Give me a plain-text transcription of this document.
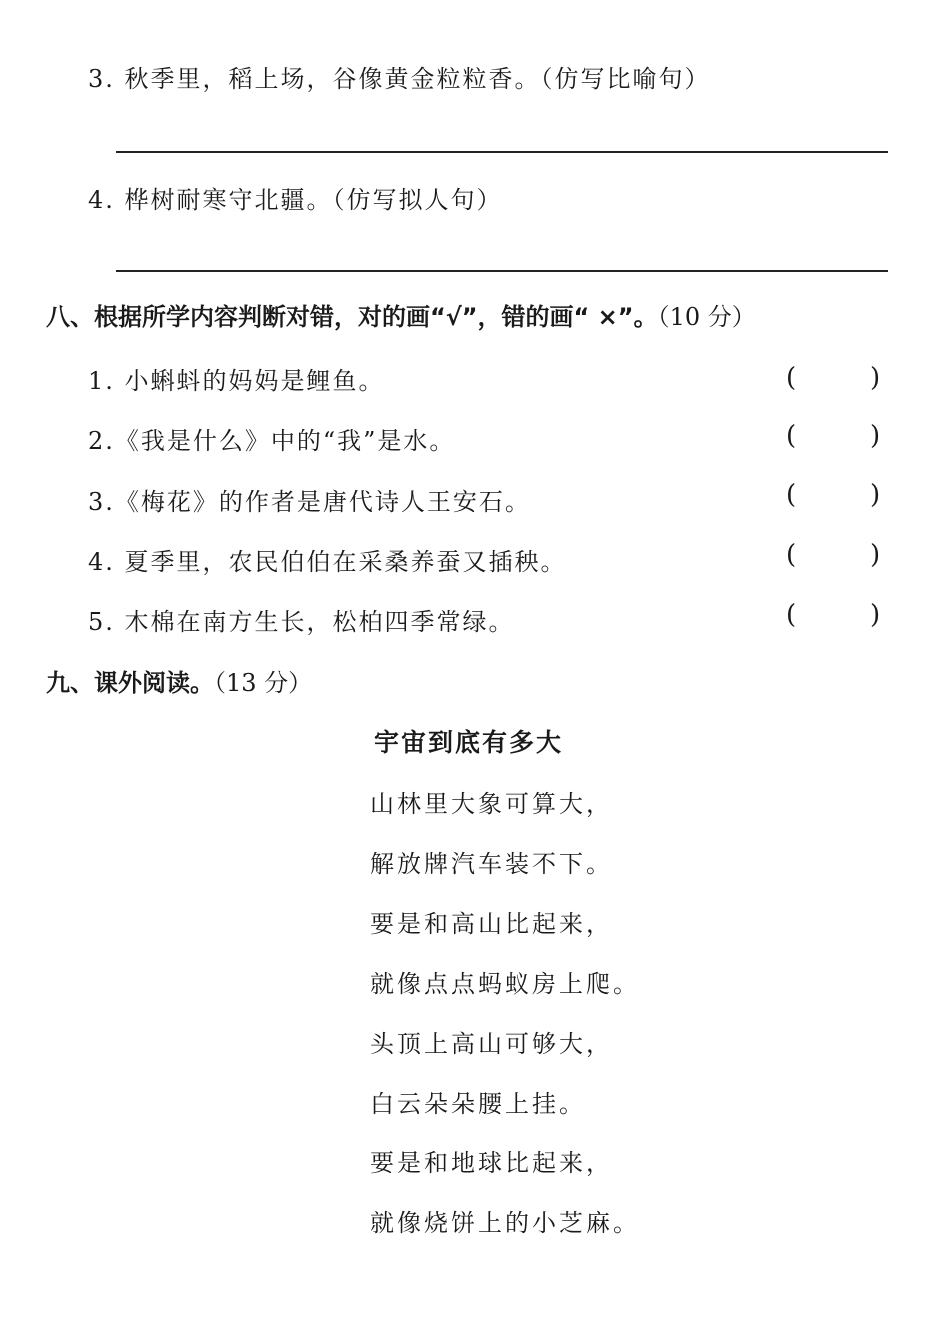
3. 秋季里，稻上场，谷像黄金粒粒香。（仿写比喻句）
4. 桦树耐寒守北疆。（仿写拟人句）
八、根据所学内容判断对错，对的画“√”，错的画“ ×”。（10 分）
1. 小蝌蚪的妈妈是鲤鱼。	(	)
2.《我是什么》中的“我”是水。	(	)
3.《梅花》的作者是唐代诗人王安石。	(	)
4. 夏季里，农民伯伯在采桑养蚕又插秧。	(	)
5. 木棉在南方生长，松柏四季常绿。	(	)
九、课外阅读。（13 分）
宇宙到底有多大
山林里大象可算大，
解放牌汽车装不下。
要是和高山比起来，
就像点点蚂蚁房上爬。
头顶上高山可够大，
白云朵朵腰上挂。
要是和地球比起来，
就像烧饼上的小芝麻。
